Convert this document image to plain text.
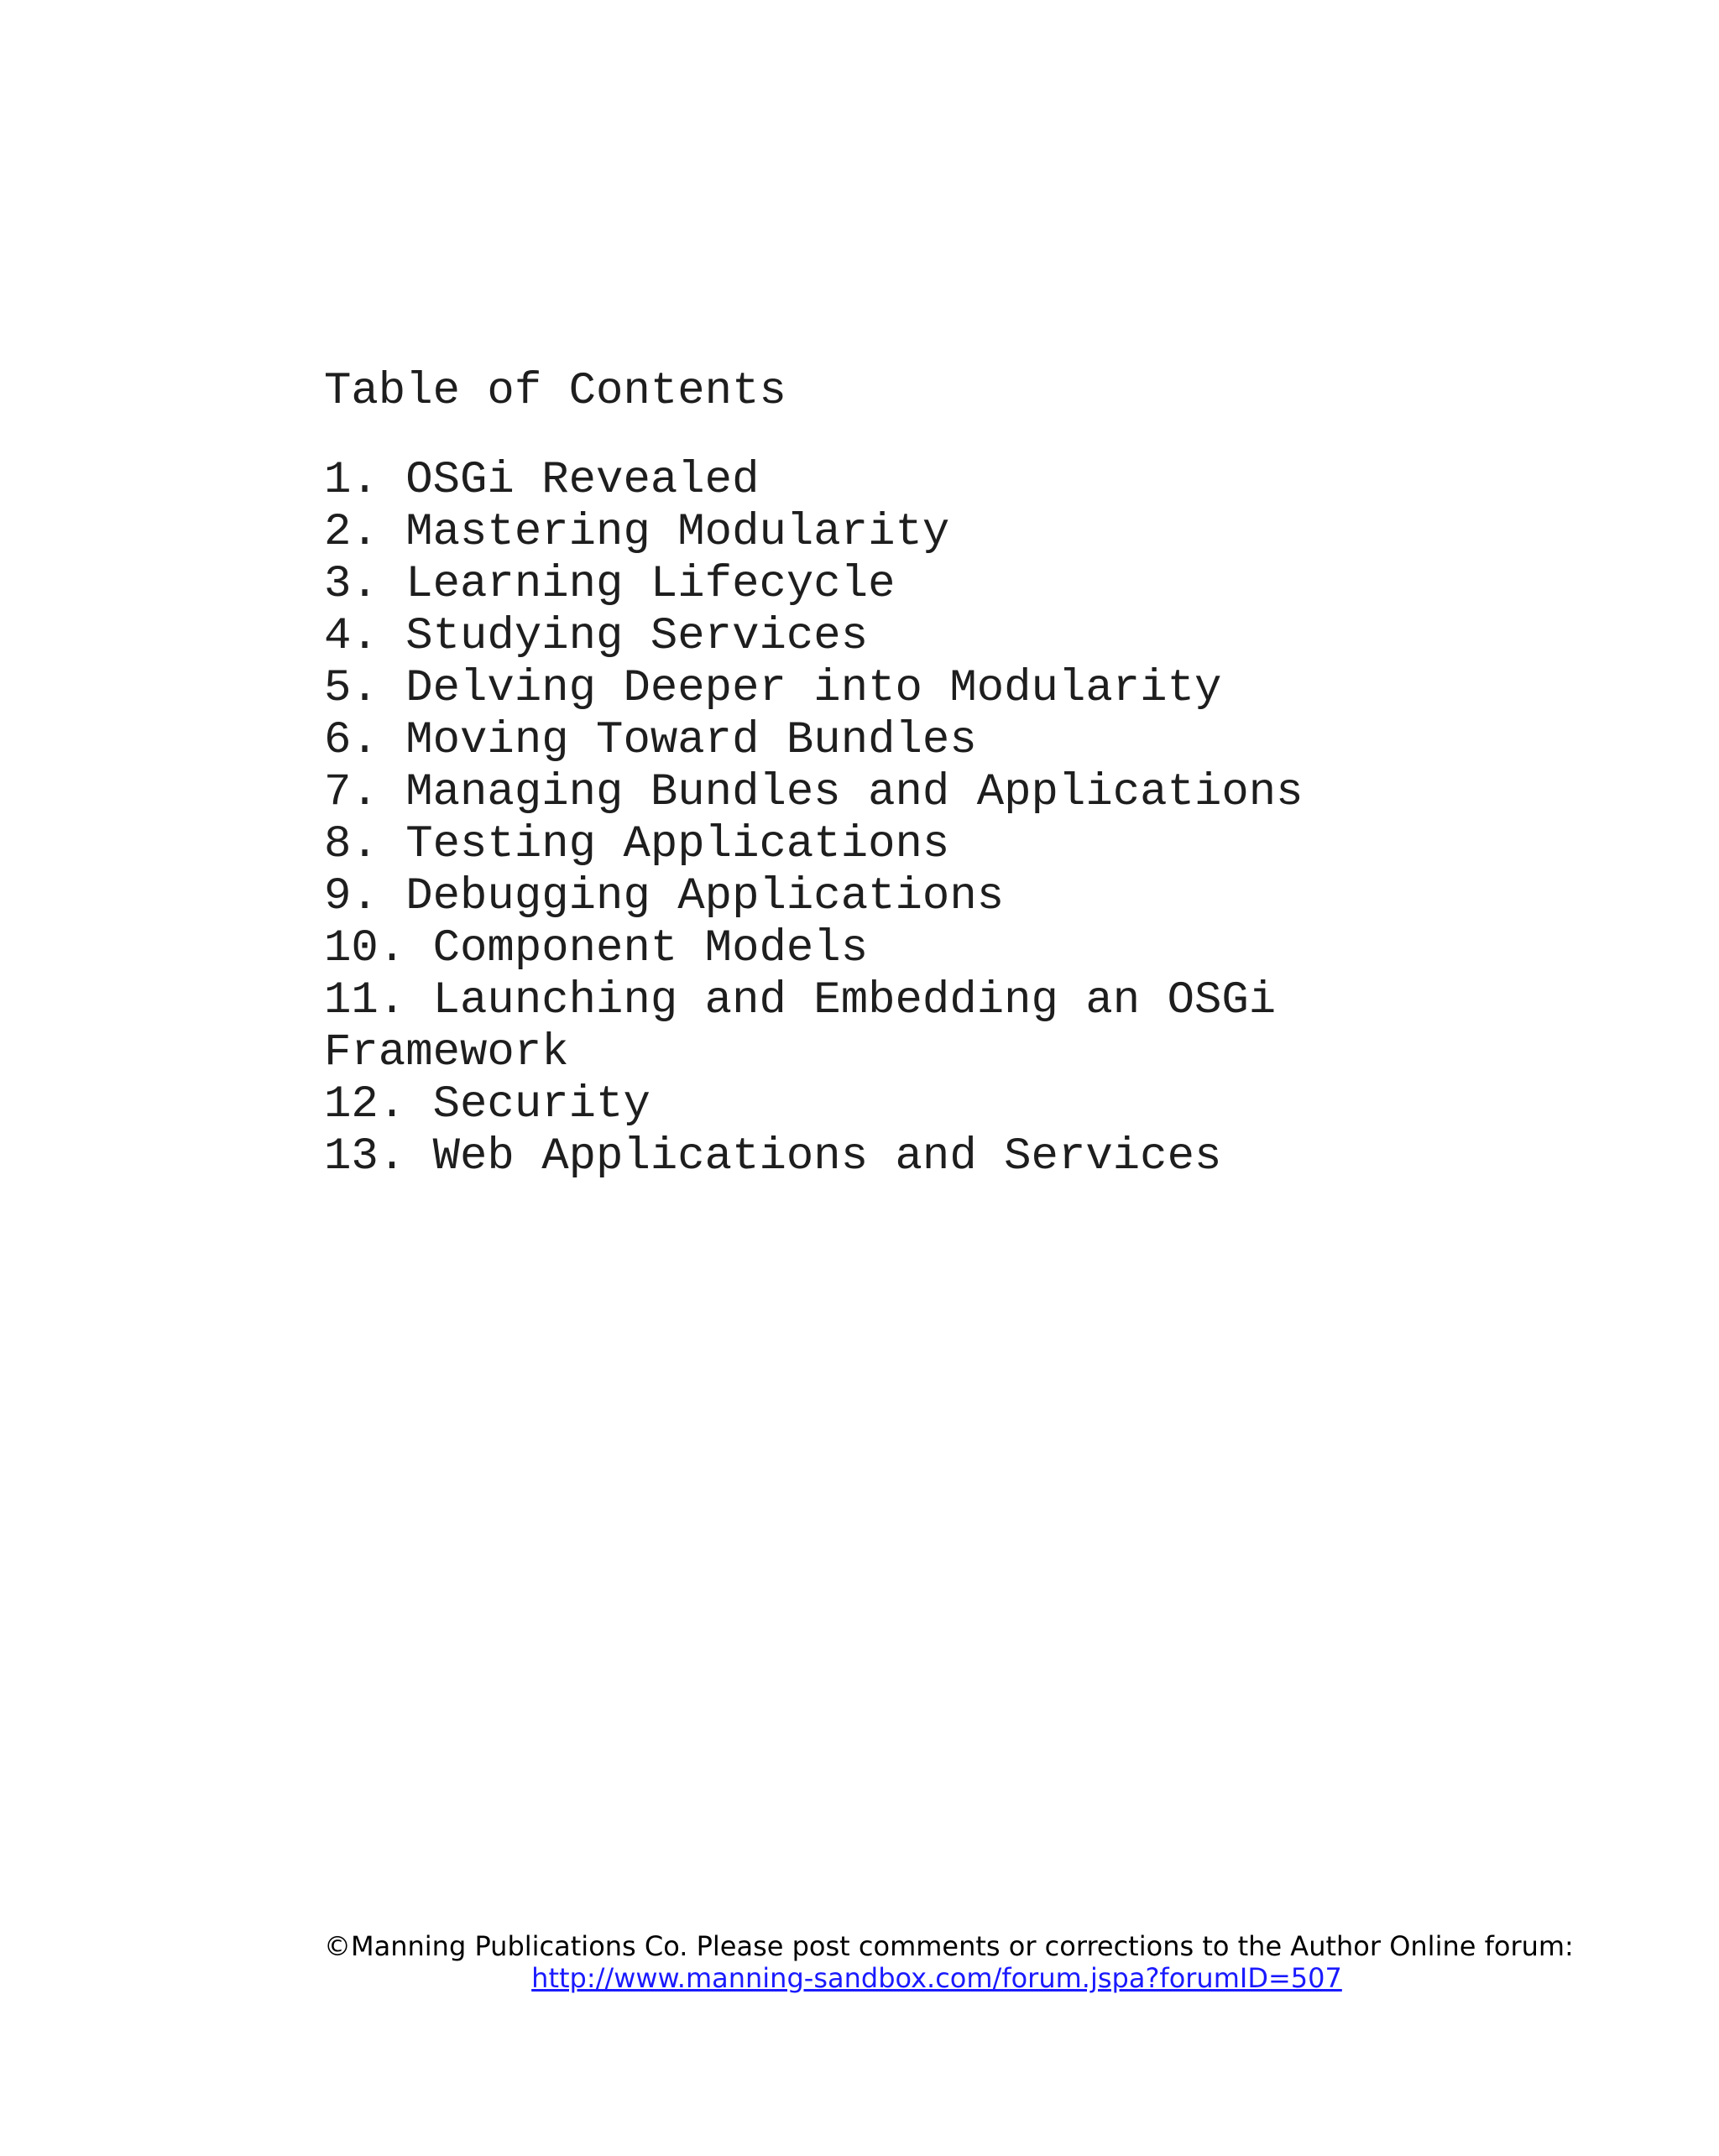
Table of Contents
1. OSGi Revealed
2. Mastering Modularity
3. Learning Lifecycle
4. Studying Services
5. Delving Deeper into Modularity
6. Moving Toward Bundles
7. Managing Bundles and Applications
8. Testing Applications
9. Debugging Applications
10. Component Models
11. Launching and Embedding an OSGi
Framework
12. Security
13. Web Applications and Services
©Manning Publications Co. Please post comments or corrections to the Author Online forum:
http://www.manning-sandbox.com/forum.jspa?forumID=507
